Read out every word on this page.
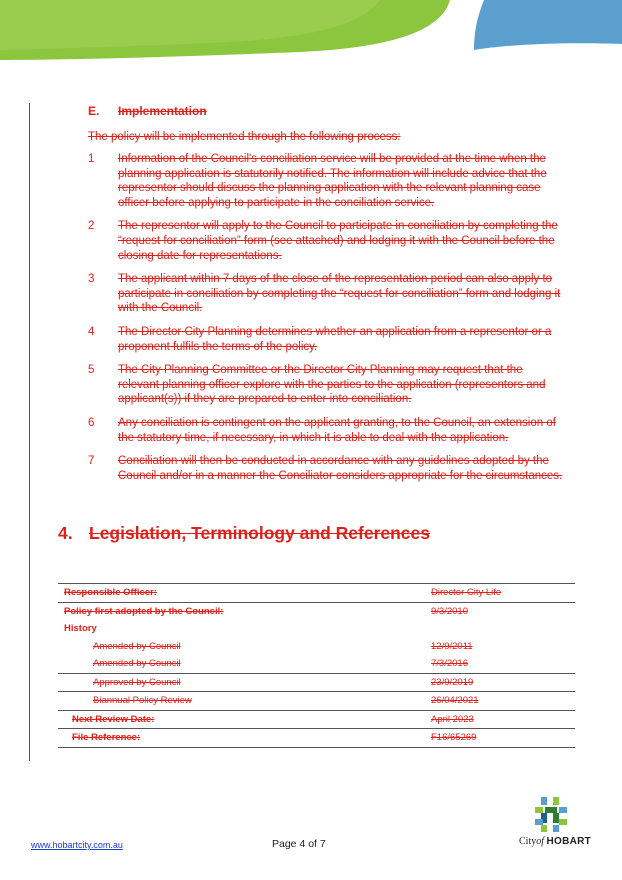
E. Implementation
The policy will be implemented through the following process:
1 Information of the Council's conciliation service will be provided at the time when the planning application is statutorily notified. The information will include advice that the representor should discuss the planning application with the relevant planning case officer before applying to participate in the conciliation service.
2 The representor will apply to the Council to participate in conciliation by completing the “request for conciliation” form (see attached) and lodging it with the Council before the closing date for representations.
3 The applicant within 7 days of the close of the representation period can also apply to participate in conciliation by completing the “request for conciliation” form and lodging it with the Council.
4 The Director City Planning determines whether an application from a representor or a proponent fulfils the terms of the policy.
5 The City Planning Committee or the Director City Planning may request that the relevant planning officer explore with the parties to the application (representors and applicant(s)) if they are prepared to enter into conciliation.
6 Any conciliation is contingent on the applicant granting, to the Council, an extension of the statutory time, if necessary, in which it is able to deal with the application.
7 Conciliation will then be conducted in accordance with any guidelines adopted by the Council and/or in a manner the Conciliator considers appropriate for the circumstances.
4. Legislation, Terminology and References
Responsible Officer:	Director City Life
Policy first adopted by the Council:	9/3/2010
History	
Amended by Council	12/9/2011
Amended by Council	7/3/2016
Approved by Council	23/9/2019
Biannual Policy Review	26/04/2021
Next Review Date:	April 2023
File Reference:	F16/65269
www.hobartcity.com.au	Page 4 of 7	Cityof HOBART
